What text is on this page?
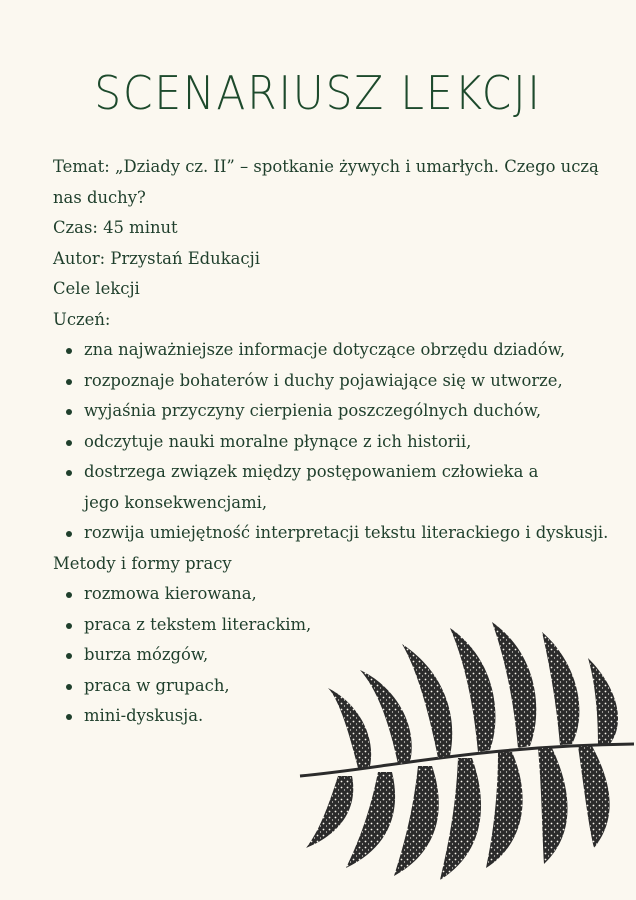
SCENARIUSZ LEKCJI

Temat: „Dziady cz. II” – spotkanie żywych i umarłych. Czego uczą nas duchy?

Czas: 45 minut

Autor: Przystań Edukacji

Cele lekcji

Uczeń:

zna najważniejsze informacje dotyczące obrzędu dziadów,
rozpoznaje bohaterów i duchy pojawiające się w utworze,
wyjaśnia przyczyny cierpienia poszczególnych duchów,
odczytuje nauki moralne płynące z ich historii,
dostrzega związek między postępowaniem człowieka a jego konsekwencjami,
rozwija umiejętność interpretacji tekstu literackiego i dyskusji.

Metody i formy pracy

rozmowa kierowana,
praca z tekstem literackim,
burza mózgów,
praca w grupach,
mini-dyskusja.
